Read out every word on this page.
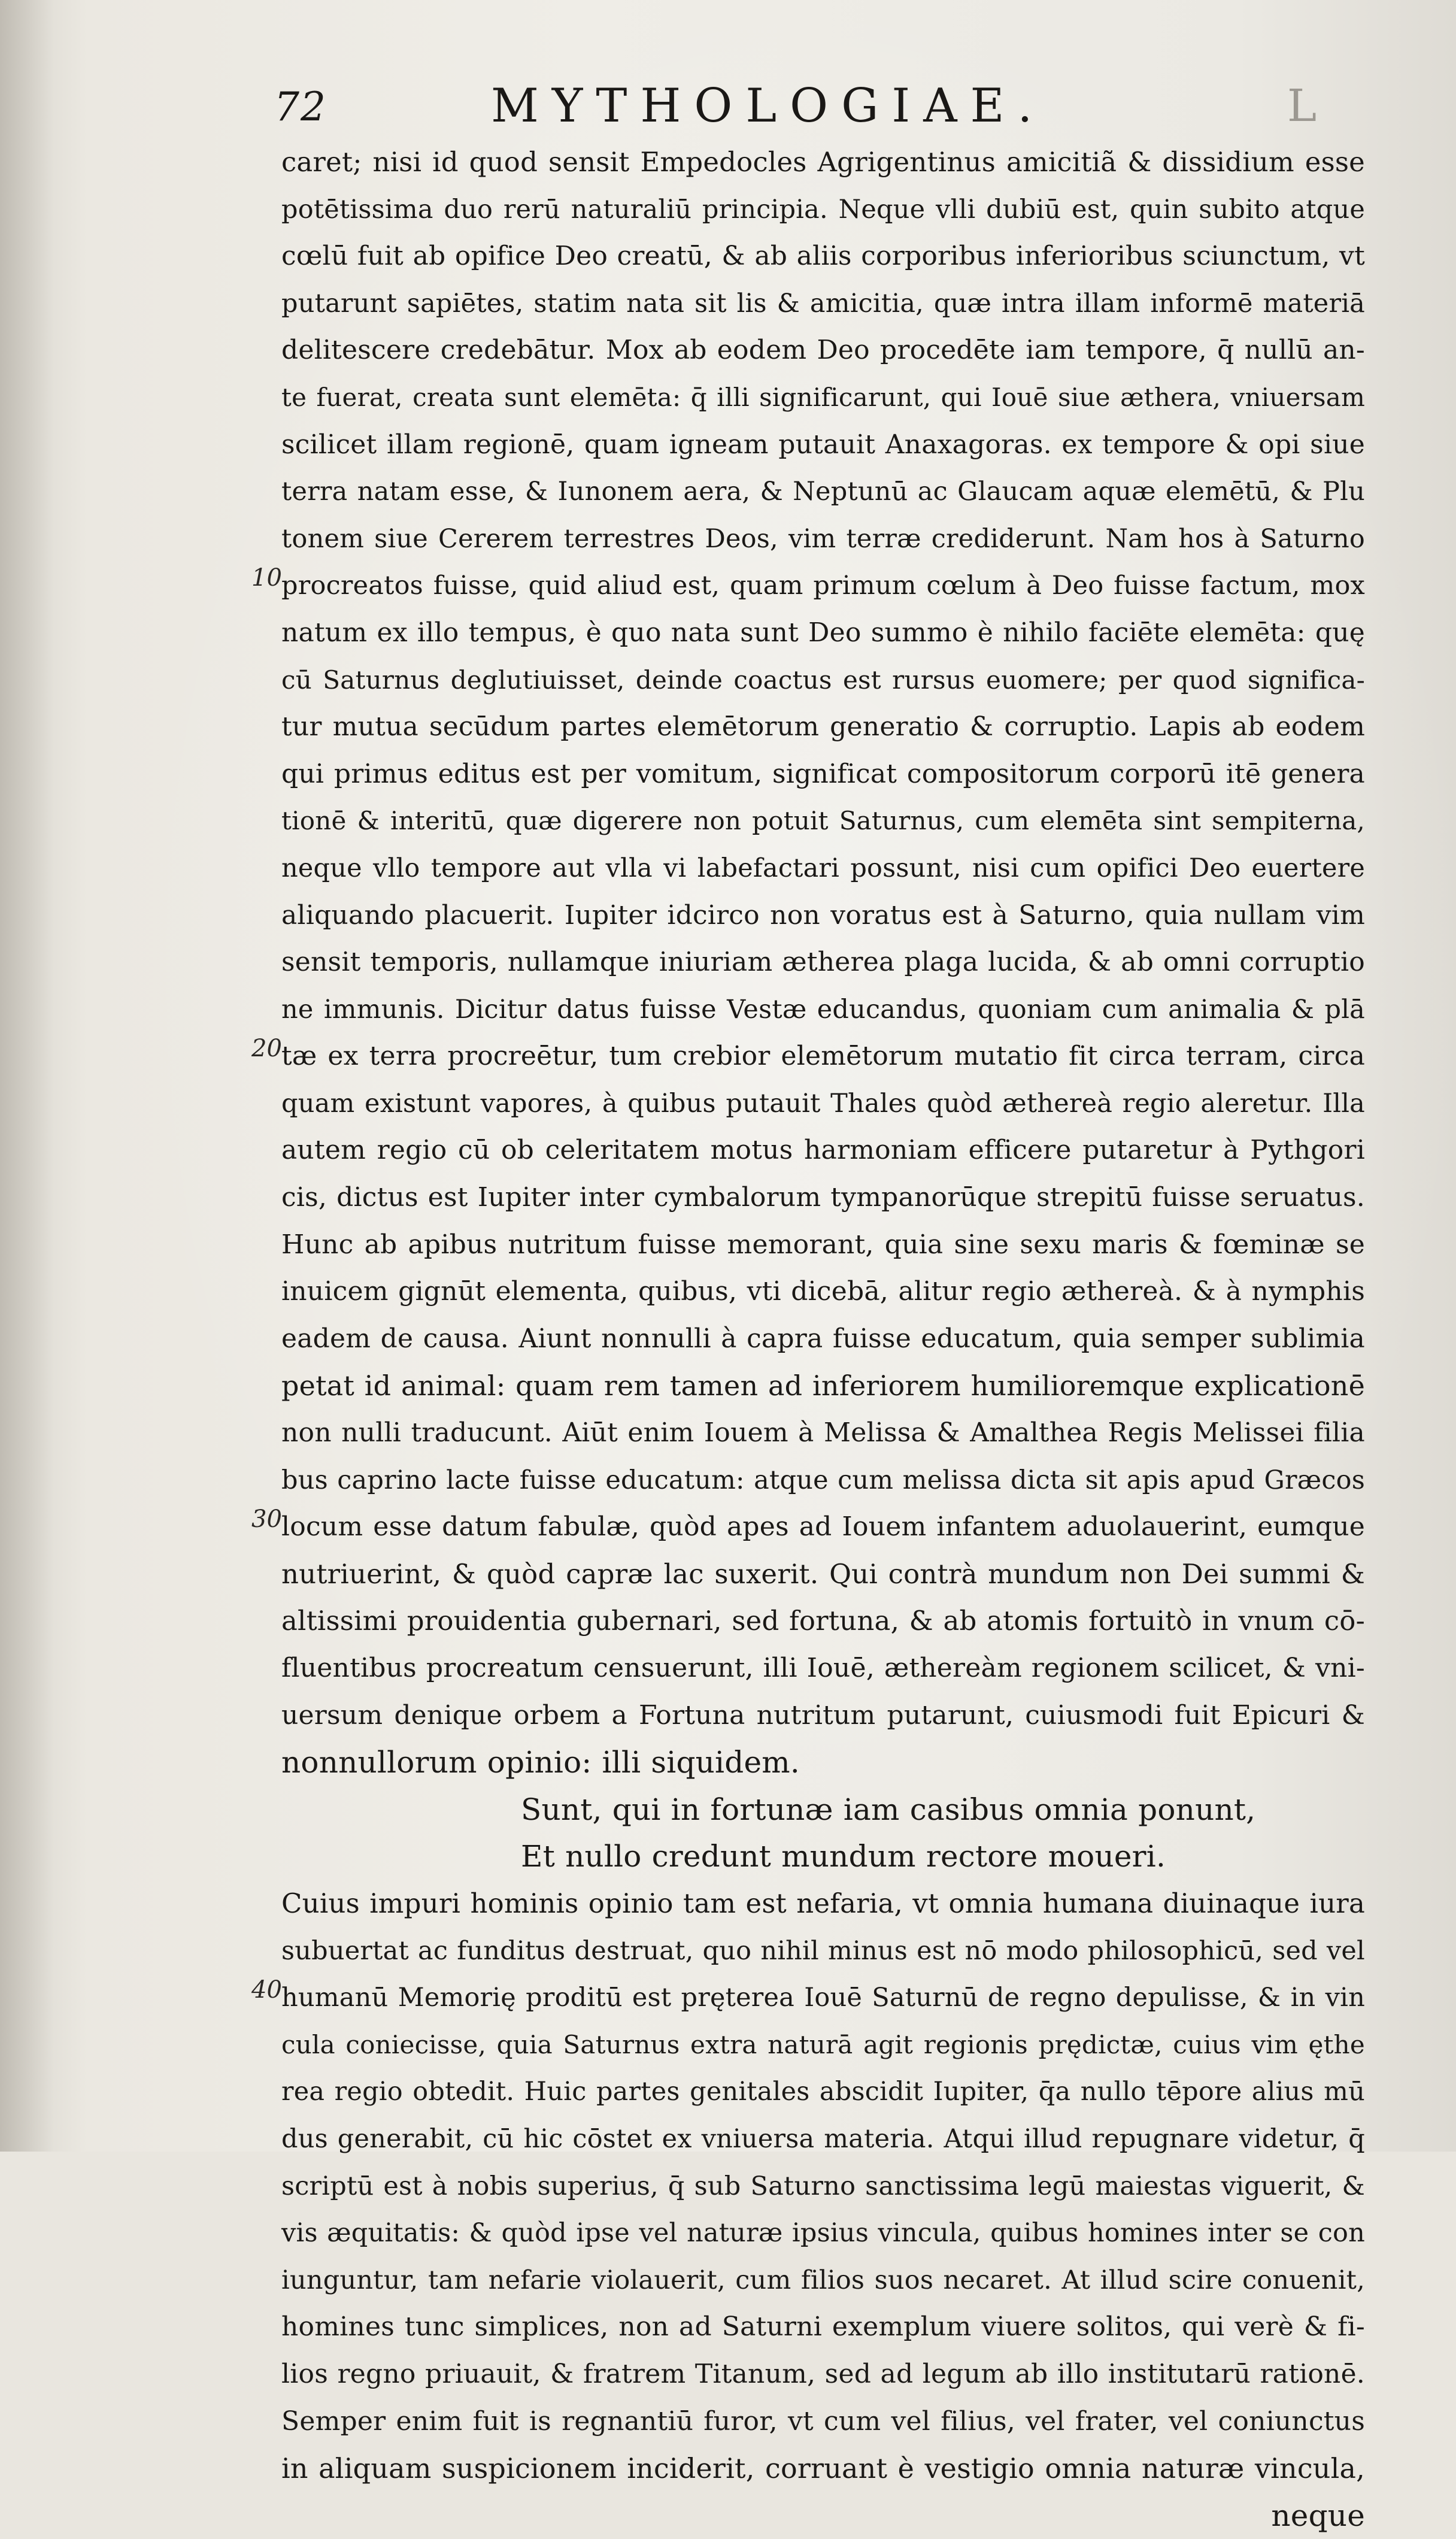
72	MYTHOLOGIAE.	L
10
20
30
40
caret; nisi id quod sensit Empedocles Agrigentinus amicitiã & dissidium esse
potētissima duo rerū naturaliū principia. Neque vlli dubiū est, quin subito atque
cœlū fuit ab opifice Deo creatū, & ab aliis corporibus inferioribus sciunctum, vt
putarunt sapiētes, statim nata sit lis & amicitia, quæ intra illam informē materiā
delitescere credebātur. Mox ab eodem Deo procedēte iam tempore, q̄ nullū an-
te fuerat, creata sunt elemēta: q̄ illi significarunt, qui Iouē siue æthera, vniuersam
scilicet illam regionē, quam igneam putauit Anaxagoras. ex tempore & opi siue
terra natam esse, & Iunonem aera, & Neptunū ac Glaucam aquæ elemētū, & Plu
tonem siue Cererem terrestres Deos, vim terræ crediderunt. Nam hos à Saturno
procreatos fuisse, quid aliud est, quam primum cœlum à Deo fuisse factum, mox
natum ex illo tempus, è quo nata sunt Deo summo è nihilo faciēte elemēta: quę
cū Saturnus deglutiuisset, deinde coactus est rursus euomere; per quod significa-
tur mutua secūdum partes elemētorum generatio & corruptio. Lapis ab eodem
qui primus editus est per vomitum, significat compositorum corporū itē genera
tionē & interitū, quæ digerere non potuit Saturnus, cum elemēta sint sempiterna,
neque vllo tempore aut vlla vi labefactari possunt, nisi cum opifici Deo euertere
aliquando placuerit. Iupiter idcirco non voratus est à Saturno, quia nullam vim
sensit temporis, nullamque iniuriam ætherea plaga lucida, & ab omni corruptio
ne immunis. Dicitur datus fuisse Vestæ educandus, quoniam cum animalia & plā
tæ ex terra procreētur, tum crebior elemētorum mutatio fit circa terram, circa
quam existunt vapores, à quibus putauit Thales quòd æthereà regio aleretur. Illa
autem regio cū ob celeritatem motus harmoniam efficere putaretur à Pythgori
cis, dictus est Iupiter inter cymbalorum tympanorūque strepitū fuisse seruatus.
Hunc ab apibus nutritum fuisse memorant, quia sine sexu maris & fœminæ se
inuicem gignūt elementa, quibus, vti dicebā, alitur regio æthereà. & à nymphis
eadem de causa. Aiunt nonnulli à capra fuisse educatum, quia semper sublimia
petat id animal: quam rem tamen ad inferiorem humilioremque explicationē
non nulli traducunt. Aiūt enim Iouem à Melissa & Amalthea Regis Melissei filia
bus caprino lacte fuisse educatum: atque cum melissa dicta sit apis apud Græcos
locum esse datum fabulæ, quòd apes ad Iouem infantem aduolauerint, eumque
nutriuerint, & quòd capræ lac suxerit. Qui contrà mundum non Dei summi &
altissimi prouidentia gubernari, sed fortuna, & ab atomis fortuitò in vnum cō-
fluentibus procreatum censuerunt, illi Iouē, æthereàm regionem scilicet, & vni-
uersum denique orbem a Fortuna nutritum putarunt, cuiusmodi fuit Epicuri &
nonnullorum opinio: illi siquidem.
Sunt, qui in fortunæ iam casibus omnia ponunt,
Et nullo credunt mundum rectore moueri.
Cuius impuri hominis opinio tam est nefaria, vt omnia humana diuinaque iura
subuertat ac funditus destruat, quo nihil minus est nō modo philosophicū, sed vel
humanū Memorię proditū est pręterea Iouē Saturnū de regno depulisse, & in vin
cula coniecisse, quia Saturnus extra naturā agit regionis prędictæ, cuius vim ęthe
rea regio obtedit. Huic partes genitales abscidit Iupiter, q̄a nullo tēpore alius mū
dus generabit, cū hic cōstet ex vniuersa materia. Atqui illud repugnare videtur, q̄
scriptū est à nobis superius, q̄ sub Saturno sanctissima legū maiestas viguerit, &
vis æquitatis: & quòd ipse vel naturæ ipsius vincula, quibus homines inter se con
iunguntur, tam nefarie violauerit, cum filios suos necaret. At illud scire conuenit,
homines tunc simplices, non ad Saturni exemplum viuere solitos, qui verè & fi-
lios regno priuauit, & fratrem Titanum, sed ad legum ab illo institutarū rationē.
Semper enim fuit is regnantiū furor, vt cum vel filius, vel frater, vel coniunctus
in aliquam suspicionem inciderit, corruant è vestigio omnia naturæ vincula,
neque
